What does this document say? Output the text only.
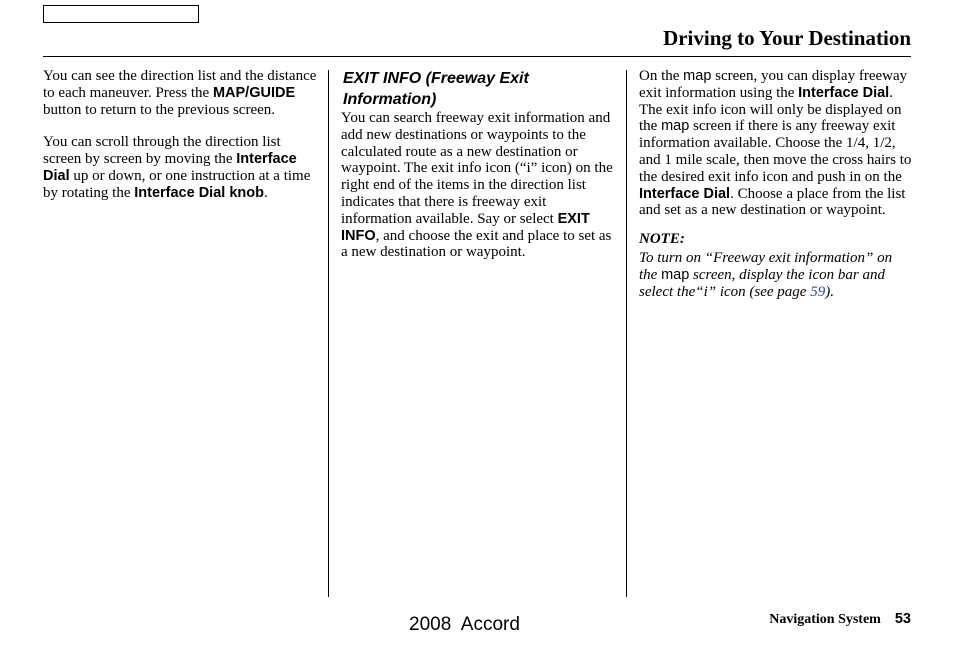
Driving to Your Destination

You can see the direction list and the distance to each maneuver. Press the MAP/GUIDE button to return to the previous screen.

You can scroll through the direction list screen by screen by moving the Interface Dial up or down, or one instruction at a time by rotating the Interface Dial knob.

EXIT INFO (Freeway Exit Information)

You can search freeway exit information and add new destinations or waypoints to the calculated route as a new destination or waypoint. The exit info icon (“i” icon) on the right end of the items in the direction list indicates that there is freeway exit information available. Say or select EXIT INFO, and choose the exit and place to set as a new destination or waypoint.

On the map screen, you can display freeway exit information using the Interface Dial. The exit info icon will only be displayed on the map screen if there is any freeway exit information available. Choose the 1/4, 1/2, and 1 mile scale, then move the cross hairs to the desired exit info icon and push in on the Interface Dial. Choose a place from the list and set as a new destination or waypoint.

NOTE:
To turn on “Freeway exit information” on the map screen, display the icon bar and select the“i” icon (see page 59).
2008  Accord	Navigation System 53
